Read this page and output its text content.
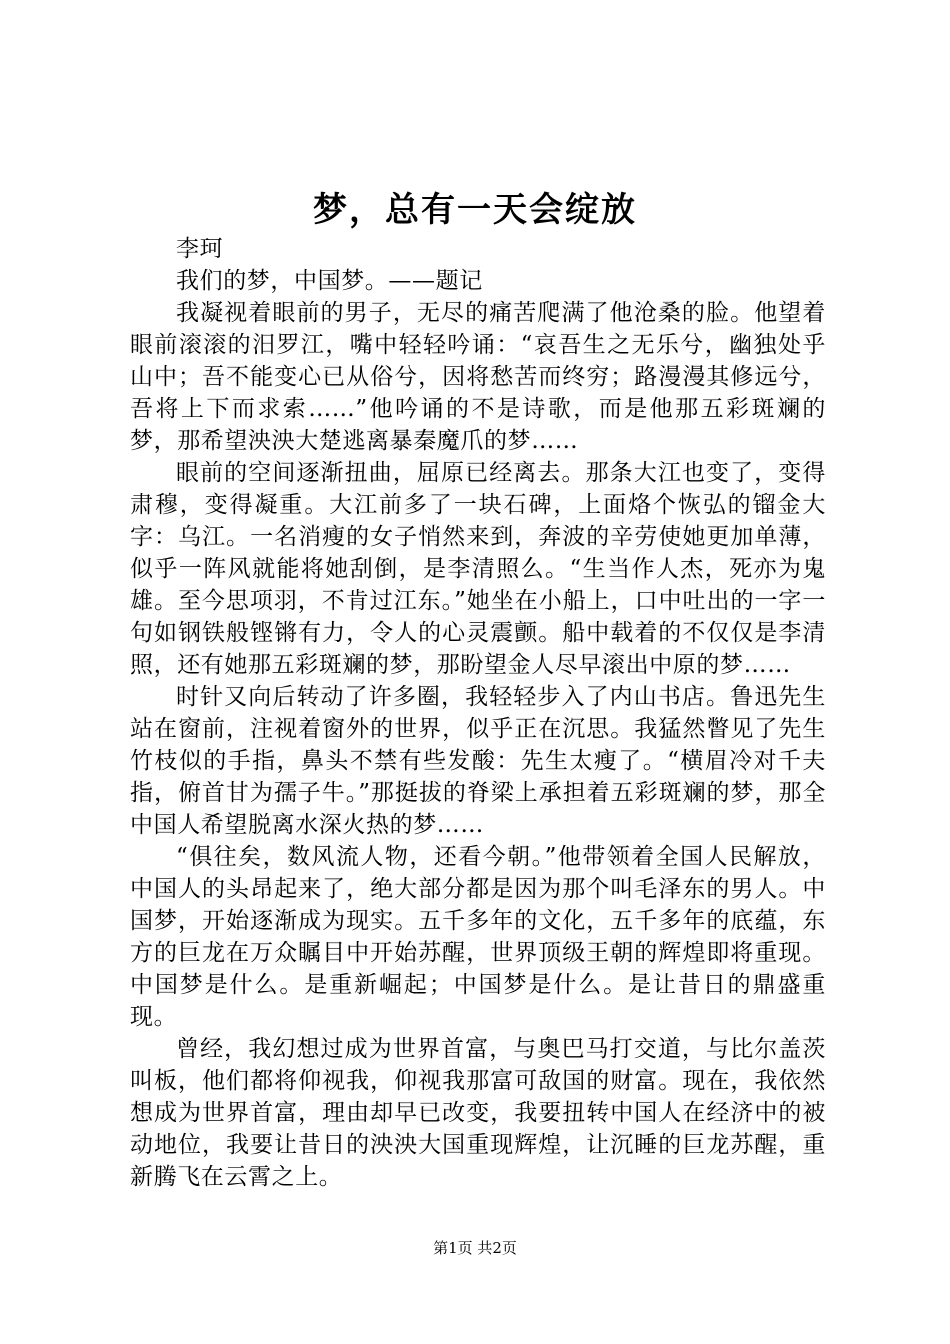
梦，总有一天会绽放

李珂

我们的梦，中国梦。——题记

我凝视着眼前的男子，无尽的痛苦爬满了他沧桑的脸。他望着眼前滚滚的汨罗江，嘴中轻轻吟诵：“哀吾生之无乐兮，幽独处乎山中；吾不能变心已从俗兮，因将愁苦而终穷；路漫漫其修远兮，吾将上下而求索……”他吟诵的不是诗歌，而是他那五彩斑斓的梦，那希望泱泱大楚逃离暴秦魔爪的梦……

眼前的空间逐渐扭曲，屈原已经离去。那条大江也变了，变得肃穆，变得凝重。大江前多了一块石碑，上面烙个恢弘的镏金大字：乌江。一名消瘦的女子悄然来到，奔波的辛劳使她更加单薄，似乎一阵风就能将她刮倒，是李清照么。“生当作人杰，死亦为鬼雄。至今思项羽，不肯过江东。”她坐在小船上，口中吐出的一字一句如钢铁般铿锵有力，令人的心灵震颤。船中载着的不仅仅是李清照，还有她那五彩斑斓的梦，那盼望金人尽早滚出中原的梦……

时针又向后转动了许多圈，我轻轻步入了内山书店。鲁迅先生站在窗前，注视着窗外的世界，似乎正在沉思。我猛然瞥见了先生竹枝似的手指，鼻头不禁有些发酸：先生太瘦了。“横眉冷对千夫指，俯首甘为孺子牛。”那挺拔的脊梁上承担着五彩斑斓的梦，那全中国人希望脱离水深火热的梦……

“俱往矣，数风流人物，还看今朝。”他带领着全国人民解放，中国人的头昂起来了，绝大部分都是因为那个叫毛泽东的男人。中国梦，开始逐渐成为现实。五千多年的文化，五千多年的底蕴，东方的巨龙在万众瞩目中开始苏醒，世界顶级王朝的辉煌即将重现。中国梦是什么。是重新崛起；中国梦是什么。是让昔日的鼎盛重现。

曾经，我幻想过成为世界首富，与奥巴马打交道，与比尔盖茨叫板，他们都将仰视我，仰视我那富可敌国的财富。现在，我依然想成为世界首富，理由却早已改变，我要扭转中国人在经济中的被动地位，我要让昔日的泱泱大国重现辉煌，让沉睡的巨龙苏醒，重新腾飞在云霄之上。

第1页 共2页
